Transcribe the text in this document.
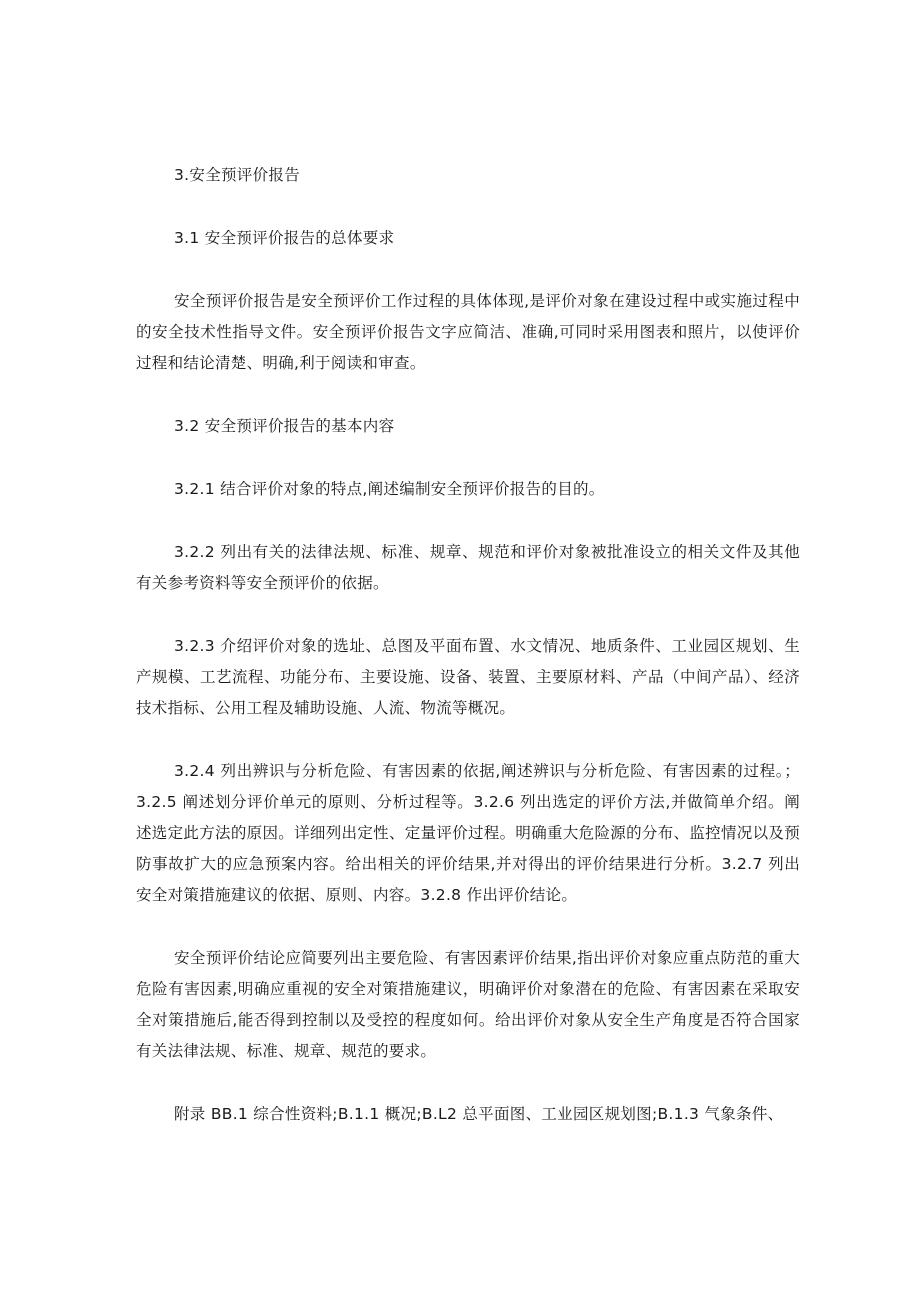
3.安全预评价报告

3.1 安全预评价报告的总体要求

安全预评价报告是安全预评价工作过程的具体体现,是评价对象在建设过程中或实施过程中的安全技术性指导文件。安全预评价报告文字应简洁、准确,可同时采用图表和照片，以使评价过程和结论清楚、明确,利于阅读和审查。

3.2 安全预评价报告的基本内容

3.2.1 结合评价对象的特点,阐述编制安全预评价报告的目的。

3.2.2 列出有关的法律法规、标准、规章、规范和评价对象被批准设立的相关文件及其他有关参考资料等安全预评价的依据。

3.2.3 介绍评价对象的选址、总图及平面布置、水文情况、地质条件、工业园区规划、生产规模、工艺流程、功能分布、主要设施、设备、装置、主要原材料、产品（中间产品）、经济技术指标、公用工程及辅助设施、人流、物流等概况。

3.2.4 列出辨识与分析危险、有害因素的依据,阐述辨识与分析危险、有害因素的过程。；3.2.5 阐述划分评价单元的原则、分析过程等。3.2.6 列出选定的评价方法,并做简单介绍。阐述选定此方法的原因。详细列出定性、定量评价过程。明确重大危险源的分布、监控情况以及预防事故扩大的应急预案内容。给出相关的评价结果,并对得出的评价结果进行分析。3.2.7 列出安全对策措施建议的依据、原则、内容。3.2.8 作出评价结论。

安全预评价结论应简要列出主要危险、有害因素评价结果,指出评价对象应重点防范的重大危险有害因素,明确应重视的安全对策措施建议，明确评价对象潜在的危险、有害因素在采取安全对策措施后,能否得到控制以及受控的程度如何。给出评价对象从安全生产角度是否符合国家有关法律法规、标准、规章、规范的要求。

附录 BB.1 综合性资料;B.1.1 概况;B.L2 总平面图、工业园区规划图;B.1.3 气象条件、
